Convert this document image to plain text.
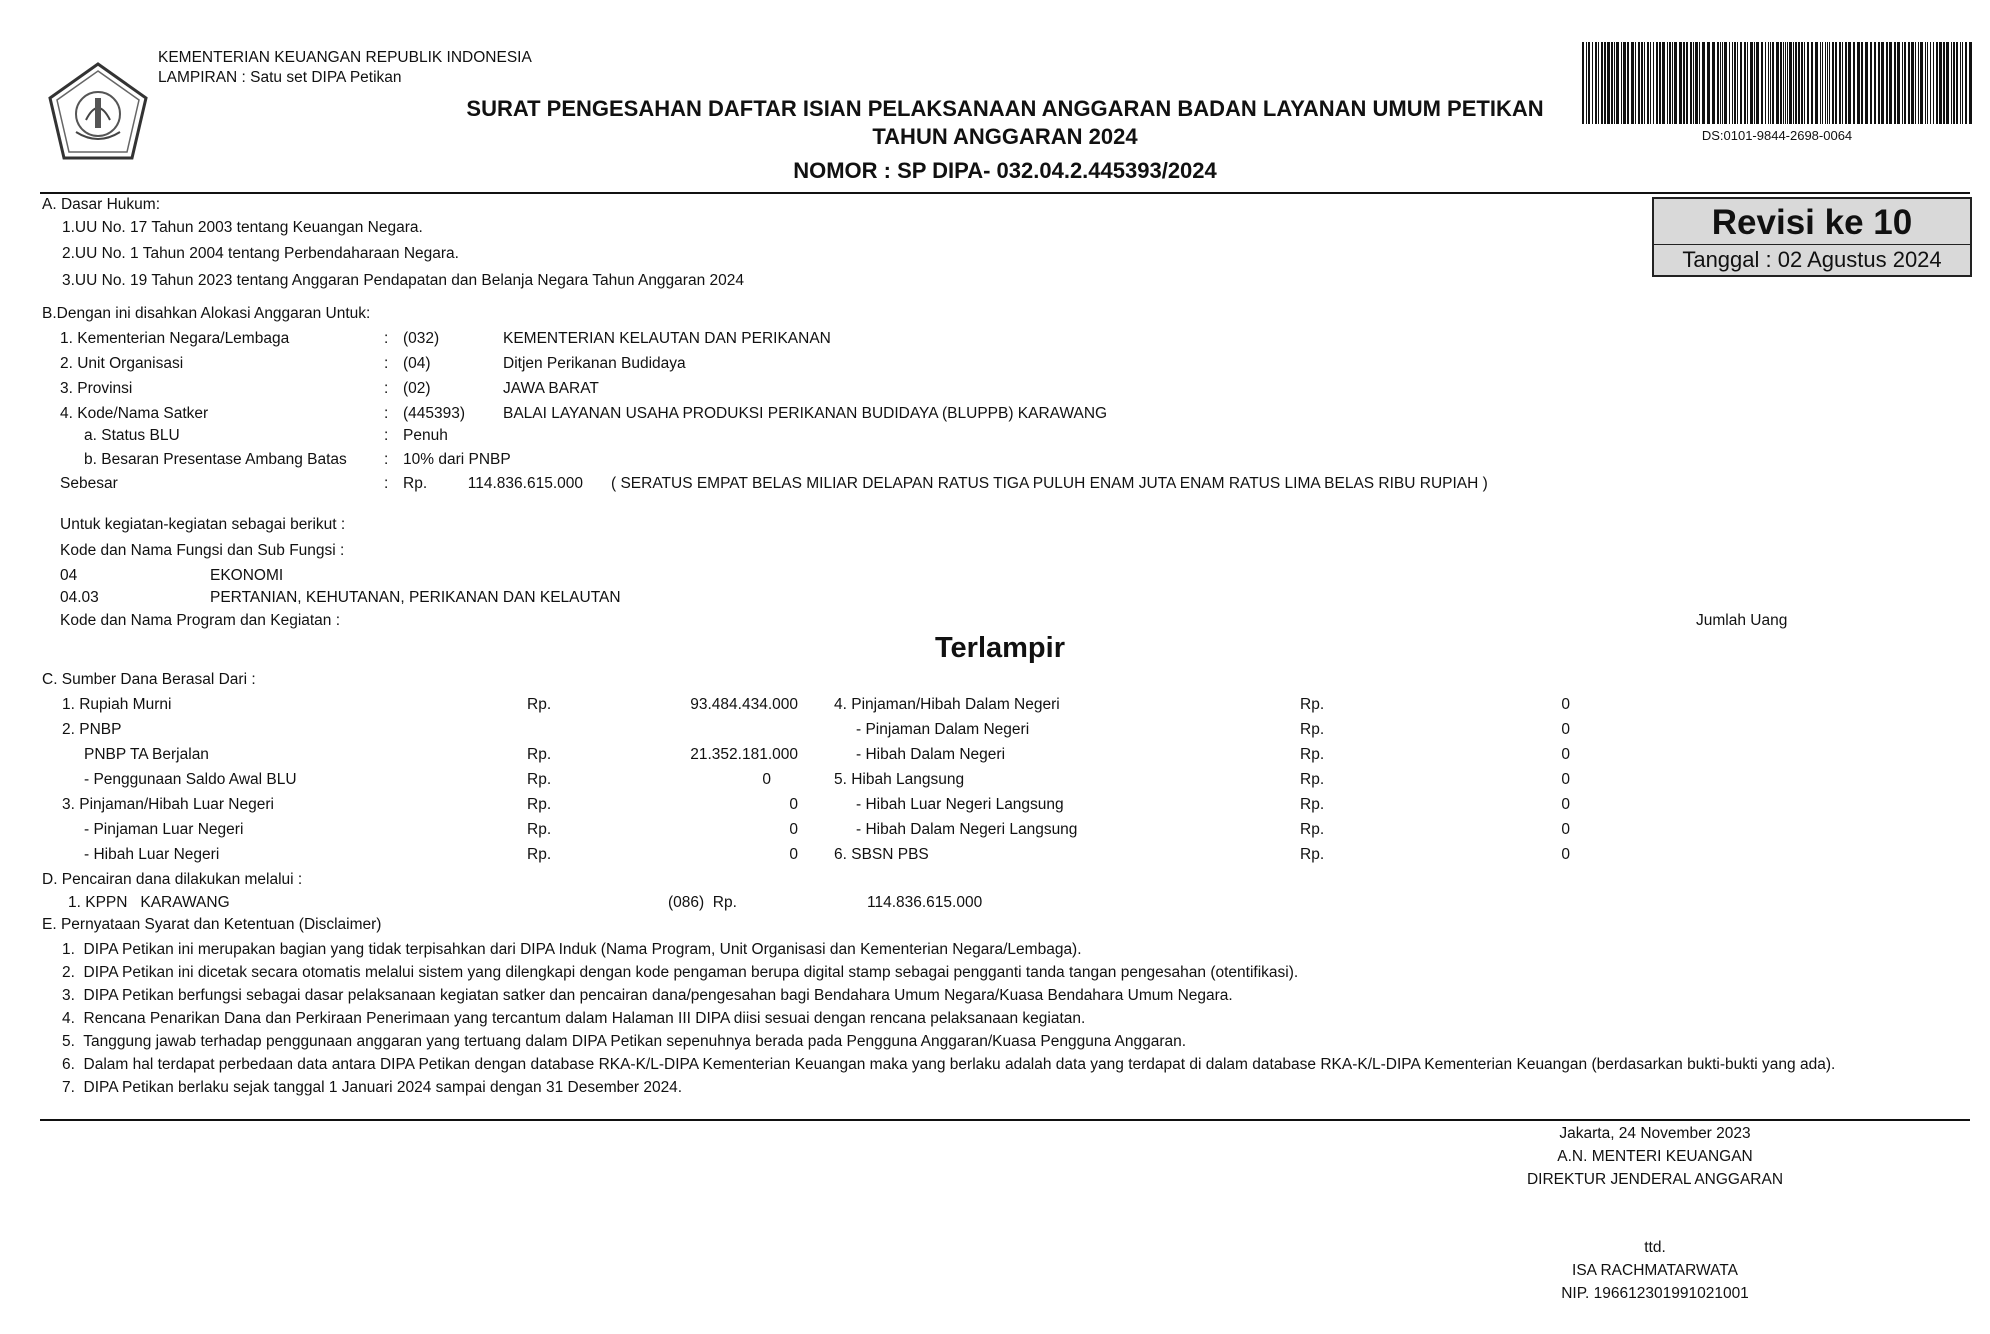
KEMENTERIAN KEUANGAN REPUBLIK INDONESIA
LAMPIRAN : Satu set DIPA Petikan
SURAT PENGESAHAN DAFTAR ISIAN PELAKSANAAN ANGGARAN BADAN LAYANAN UMUM PETIKAN
TAHUN ANGGARAN 2024
NOMOR : SP DIPA- 032.04.2.445393/2024
DS:0101-9844-2698-0064
Revisi ke 10
Tanggal : 02 Agustus 2024
A. Dasar Hukum:
1.UU No. 17 Tahun 2003 tentang Keuangan Negara.
2.UU No. 1 Tahun 2004 tentang Perbendaharaan Negara.
3.UU No. 19 Tahun 2023 tentang Anggaran Pendapatan dan Belanja Negara Tahun Anggaran 2024
B.Dengan ini disahkan Alokasi Anggaran Untuk:
1. Kementerian Negara/Lembaga	: (032)	KEMENTERIAN KELAUTAN DAN PERIKANAN
2. Unit Organisasi	: (04)	Ditjen Perikanan Budidaya
3. Provinsi	: (02)	JAWA BARAT
4. Kode/Nama Satker	: (445393) BALAI LAYANAN USAHA PRODUKSI PERIKANAN BUDIDAYA (BLUPPB) KARAWANG
a. Status BLU	: Penuh
b. Besaran Presentase Ambang Batas : 10% dari PNBP
Sebesar	: Rp.	114.836.615.000 ( SERATUS EMPAT BELAS MILIAR DELAPAN RATUS TIGA PULUH ENAM JUTA ENAM RATUS LIMA BELAS RIBU RUPIAH )
Untuk kegiatan-kegiatan sebagai berikut :
Kode dan Nama Fungsi dan Sub Fungsi :
04	EKONOMI
04.03	PERTANIAN, KEHUTANAN, PERIKANAN DAN KELAUTAN
Kode dan Nama Program dan Kegiatan :	Jumlah Uang
Terlampir
C. Sumber Dana Berasal Dari :
1. Rupiah Murni	Rp.	93.484.434.000
2. PNBP
PNBP TA Berjalan	Rp.	21.352.181.000
- Penggunaan Saldo Awal BLU	Rp.	0
3. Pinjaman/Hibah Luar Negeri	Rp.	0
- Pinjaman Luar Negeri	Rp.	0
- Hibah Luar Negeri	Rp.	0
4. Pinjaman/Hibah Dalam Negeri	Rp.	0
- Pinjaman Dalam Negeri	Rp.	0
- Hibah Dalam Negeri	Rp.	0
5. Hibah Langsung	Rp.	0
- Hibah Luar Negeri Langsung	Rp.	0
- Hibah Dalam Negeri Langsung	Rp.	0
6. SBSN PBS	Rp.	0
D. Pencairan dana dilakukan melalui :
1. KPPN   KARAWANG	(086)  Rp.	114.836.615.000
E. Pernyataan Syarat dan Ketentuan (Disclaimer)
1.  DIPA Petikan ini merupakan bagian yang tidak terpisahkan dari DIPA Induk (Nama Program, Unit Organisasi dan Kementerian Negara/Lembaga).
2.  DIPA Petikan ini dicetak secara otomatis melalui sistem yang dilengkapi dengan kode pengaman berupa digital stamp sebagai pengganti tanda tangan pengesahan (otentifikasi).
3.  DIPA Petikan berfungsi sebagai dasar pelaksanaan kegiatan satker dan pencairan dana/pengesahan bagi Bendahara Umum Negara/Kuasa Bendahara Umum Negara.
4.  Rencana Penarikan Dana dan Perkiraan Penerimaan yang tercantum dalam Halaman III DIPA diisi sesuai dengan rencana pelaksanaan kegiatan.
5.  Tanggung jawab terhadap penggunaan anggaran yang tertuang dalam DIPA Petikan sepenuhnya berada pada Pengguna Anggaran/Kuasa Pengguna Anggaran.
6.  Dalam hal terdapat perbedaan data antara DIPA Petikan dengan database RKA-K/L-DIPA Kementerian Keuangan maka yang berlaku adalah data yang terdapat di dalam database RKA-K/L-DIPA Kementerian Keuangan (berdasarkan bukti-bukti yang ada).
7.  DIPA Petikan berlaku sejak tanggal 1 Januari 2024 sampai dengan 31 Desember 2024.
Jakarta, 24 November 2023
A.N. MENTERI KEUANGAN
DIREKTUR JENDERAL ANGGARAN
ttd.
ISA RACHMATARWATA
NIP. 196612301991021001
